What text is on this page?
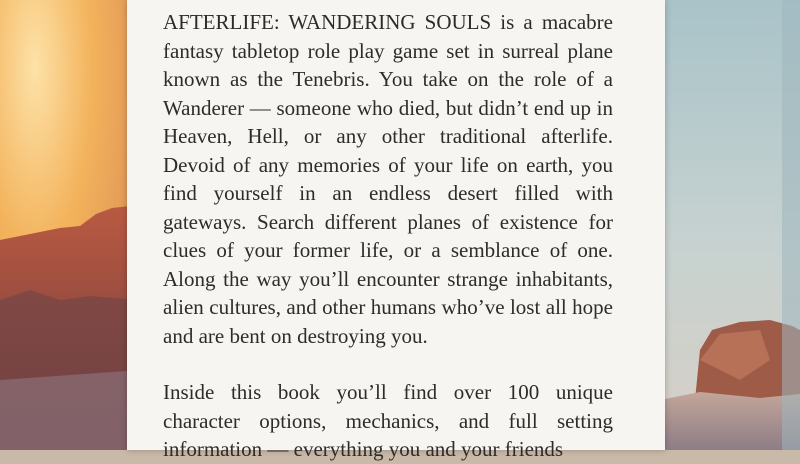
AFTERLIFE: WANDERING SOULS is a macabre fantasy tabletop role play game set in surreal plane known as the Tenebris. You take on the role of a Wanderer — someone who died, but didn’t end up in Heaven, Hell, or any other traditional afterlife. Devoid of any memories of your life on earth, you find yourself in an endless desert filled with gateways. Search different planes of existence for clues of your former life, or a semblance of one. Along the way you’ll encounter strange inhabitants, alien cultures, and other humans who’ve lost all hope and are bent on destroying you.

Inside this book you’ll find over 100 unique character options, mechanics, and full setting information — everything you and your friends
